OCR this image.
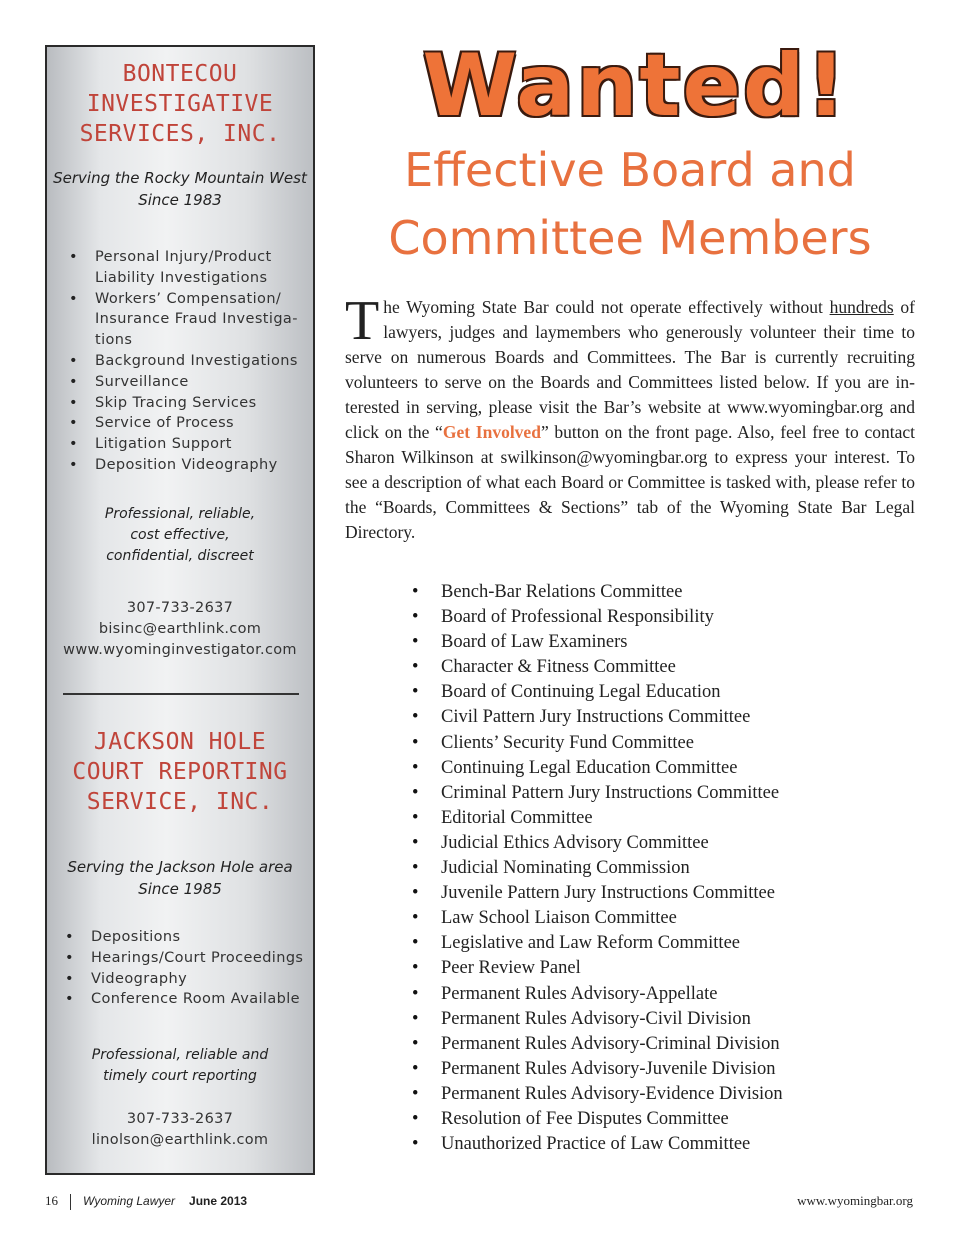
BONTECOU
INVESTIGATIVE
SERVICES, INC.
Serving the Rocky Mountain West
Since 1983
• Personal Injury/Product Liability Investigations
• Workers’ Compensation/ Insurance Fraud Investiga-tions
• Background Investigations
• Surveillance
• Skip Tracing Services
• Service of Process
• Litigation Support
• Deposition Videography
Professional, reliable,
cost effective,
confidential, discreet
307-733-2637
bisinc@earthlink.com
www.wyominginvestigator.com
JACKSON HOLE
COURT REPORTING
SERVICE, INC.
Serving the Jackson Hole area
Since 1985
• Depositions
• Hearings/Court Proceedings
• Videography
• Conference Room Available
Professional, reliable and
timely court reporting
307-733-2637
linolson@earthlink.com
Wanted!
Effective Board and
Committee Members

The Wyoming State Bar could not operate effectively without hundreds of lawyers, judges and laymembers who generously volunteer their time to serve on numerous Boards and Committees. The Bar is currently recruiting volunteers to serve on the Boards and Committees listed below. If you are in-terested in serving, please visit the Bar’s website at www.wyomingbar.org and click on the “Get Involved” button on the front page. Also, feel free to contact Sharon Wilkinson at swilkinson@wyomingbar.org to express your interest. To see a description of what each Board or Committee is tasked with, please refer to the “Boards, Committees & Sections” tab of the Wyoming State Bar Legal Directory.

• Bench-Bar Relations Committee
• Board of Professional Responsibility
• Board of Law Examiners
• Character & Fitness Committee
• Board of Continuing Legal Education
• Civil Pattern Jury Instructions Committee
• Clients’ Security Fund Committee
• Continuing Legal Education Committee
• Criminal Pattern Jury Instructions Committee
• Editorial Committee
• Judicial Ethics Advisory Committee
• Judicial Nominating Commission
• Juvenile Pattern Jury Instructions Committee
• Law School Liaison Committee
• Legislative and Law Reform Committee
• Peer Review Panel
• Permanent Rules Advisory-Appellate
• Permanent Rules Advisory-Civil Division
• Permanent Rules Advisory-Criminal Division
• Permanent Rules Advisory-Juvenile Division
• Permanent Rules Advisory-Evidence Division
• Resolution of Fee Disputes Committee
• Unauthorized Practice of Law Committee
16 Wyoming Lawyer June 2013	www.wyomingbar.org
